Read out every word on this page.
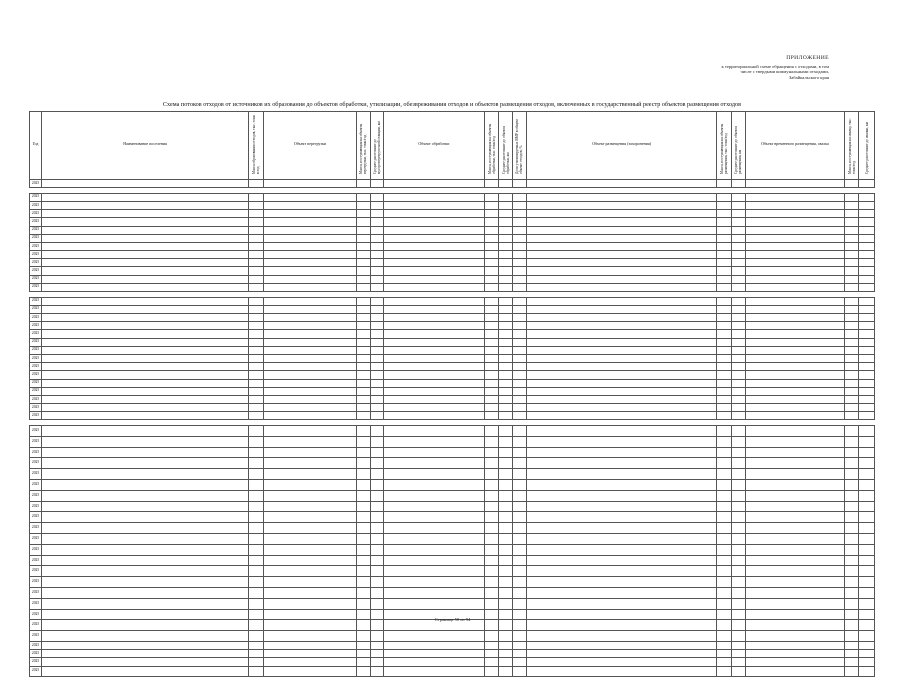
ПРИЛОЖЕНИЕ
к территориальной схеме обращения с отходами, в том
числе с твердыми коммунальными отходами,
Забайкальского края
Схема потоков отходов от источников их образования до объектов обработки, утилизации, обезвреживания отходов и объектов размещения отходов, включенных в государственный реестр объектов размещения отходов
Год	Наименование поселения	Масса образования отходов, тыс. тонн в год	Объект перегрузки	Масса, поступающая на объекты перегрузки, тыс. тонн/год	Среднее расстояние до мусороперегрузочной станции, км	Объект обработки	Масса, поступающая на объекты обработки, тыс. тонн/год	Среднее расстояние до объекта обработки, км	Доля утилизируемых ВМР в общем объеме отходов, %	Объект размещения (захоронения)	Масса, поступающая на объекты размещения, тыс. тонн/год	Среднее расстояние до объекта размещения, км	Объект временного размещения, свалка	Масса, поступающая на свалку, тыс. тонн/год	Среднее расстояние до свалки, км
2025															

2025															
2025															
2025															
2025															
2025															
2025															
2025															
2025															
2025															
2025															
2025															
2025															

2025															
2025															
2025															
2025															
2025															
2025															
2025															
2025															
2025															
2025															
2025															
2025															
2025															
2025															
2025															

2025															
2025															
2025															
2025															
2025															
2025															
2025															
2025															
2025															
2025															
2025															
2025															
2025															
2025															
2025															
2025															
2025															
2025															
2025															
2025															
2025															
2025															
2025															
2025															
Страница 50 из 94
